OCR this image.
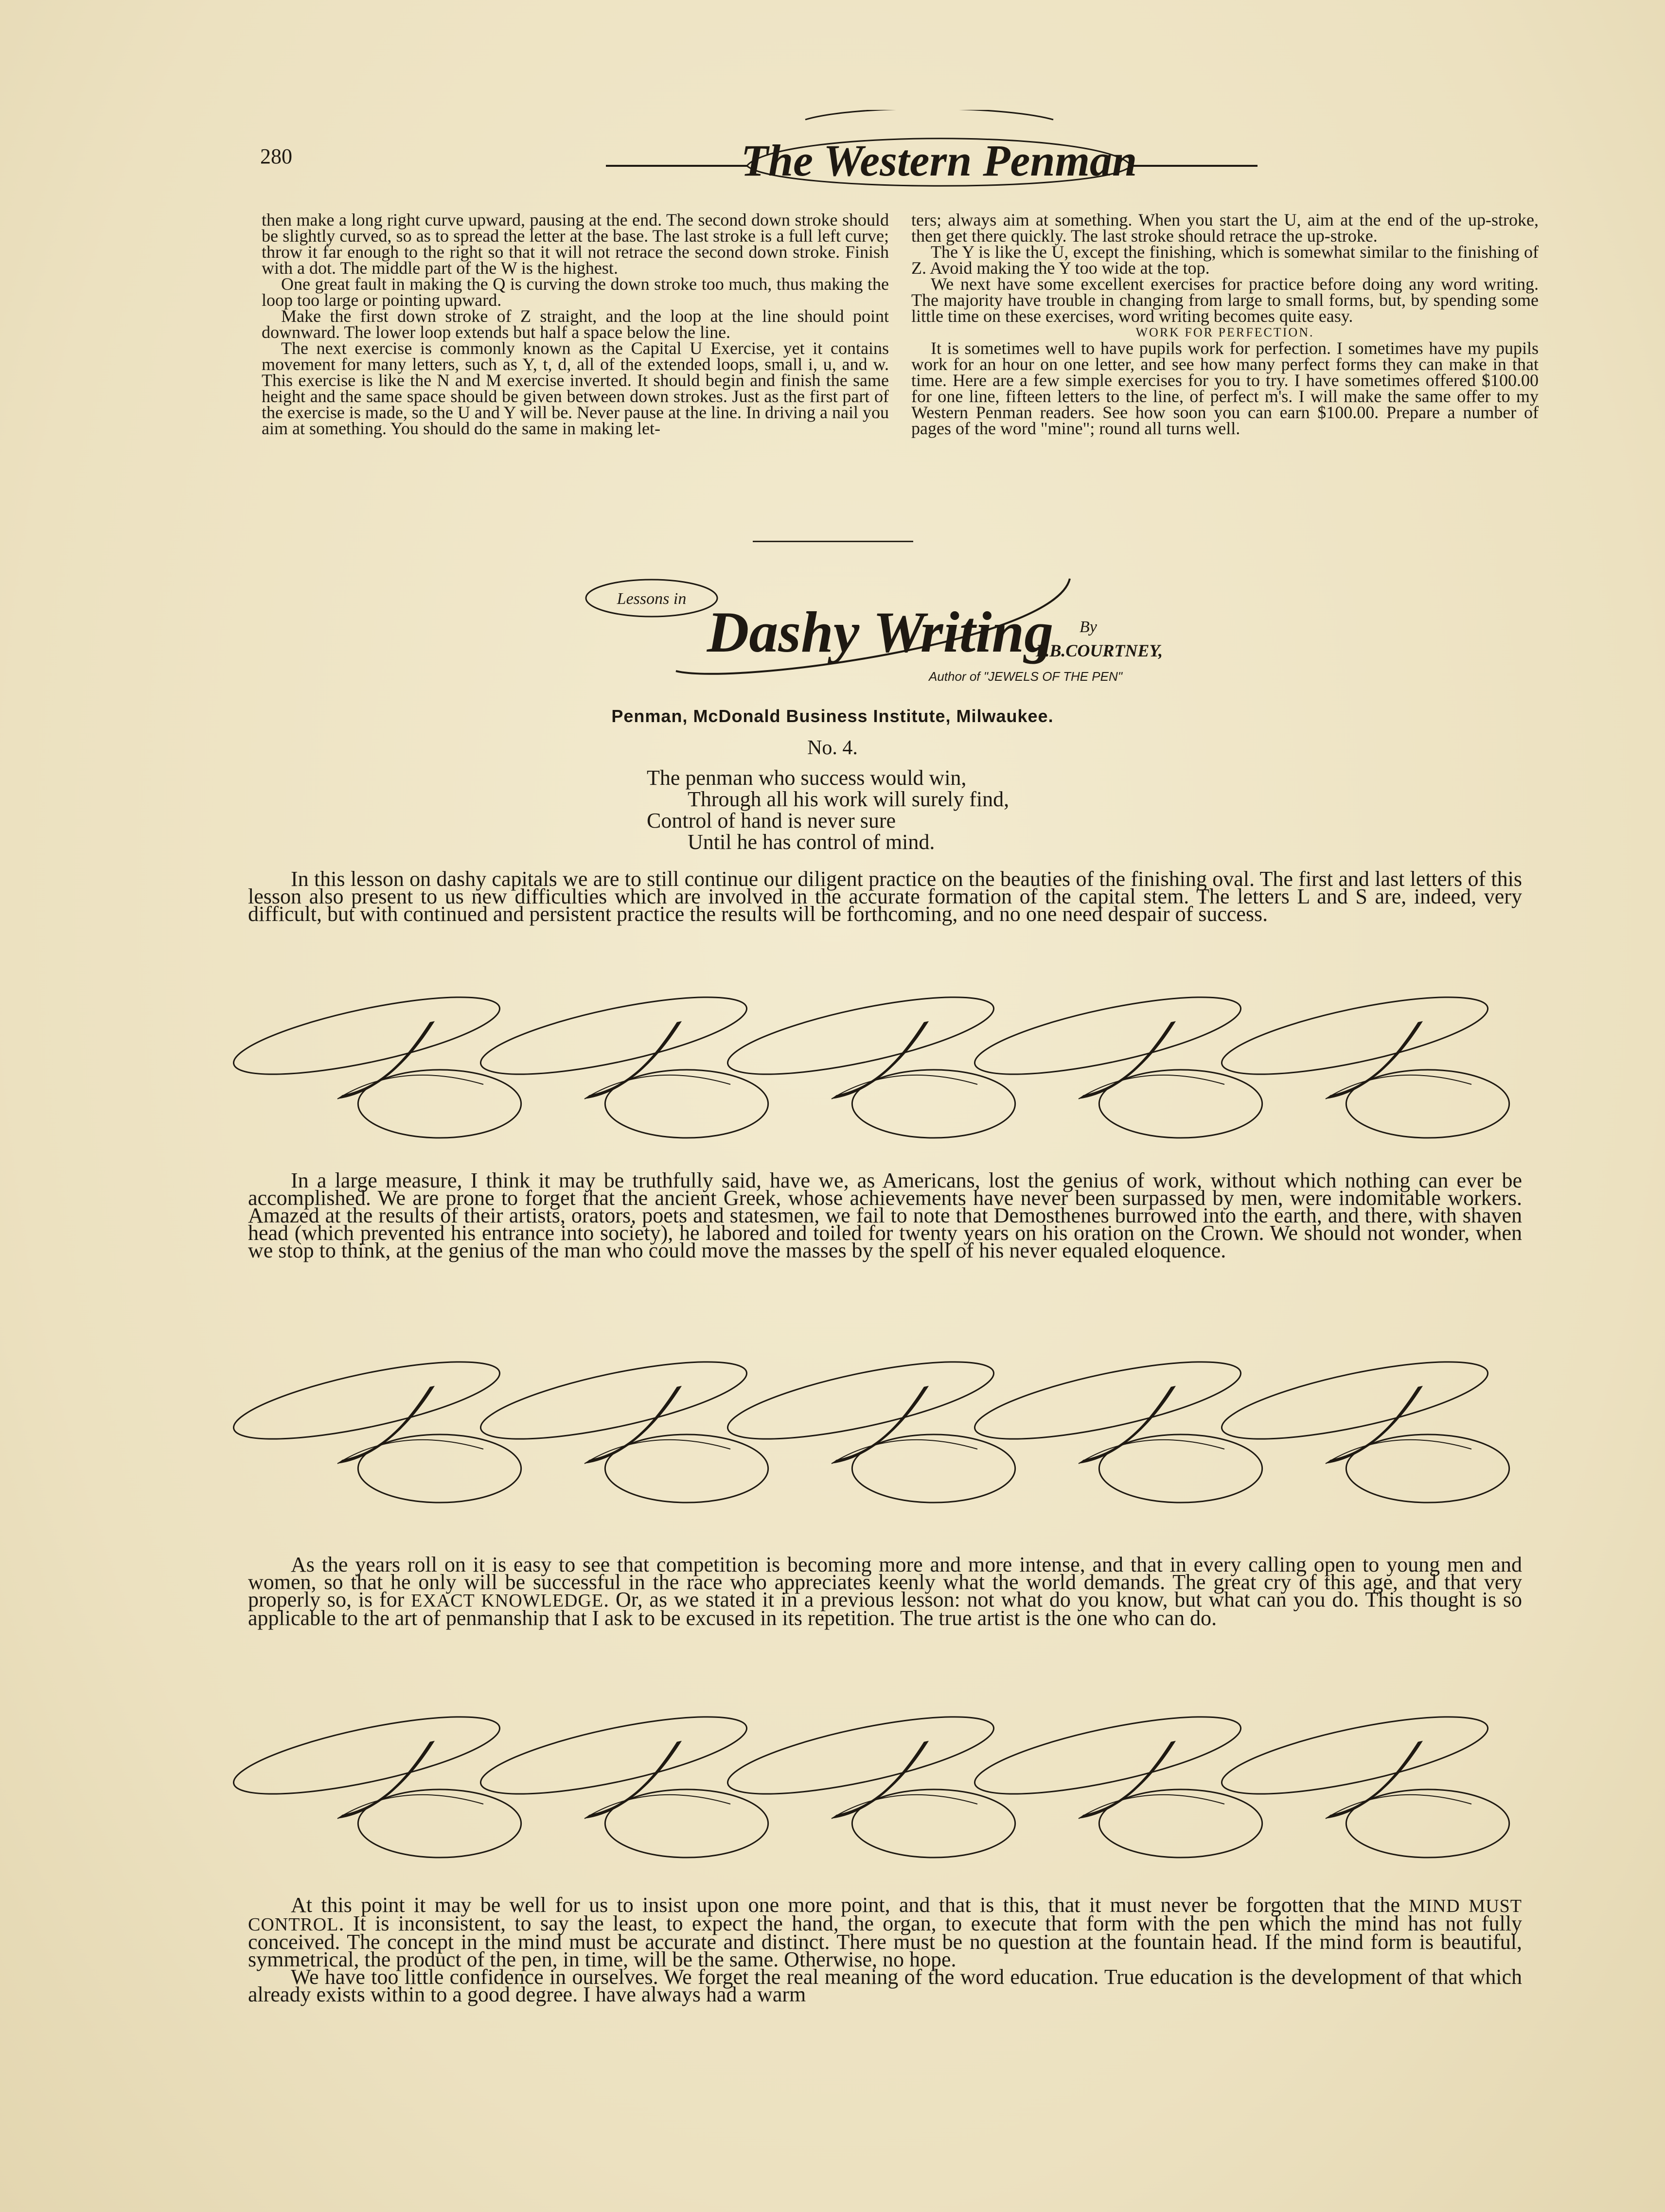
280	The Western Penman

then make a long right curve upward, pausing at the end. The second down stroke should be slightly curved, so as to spread the letter at the base. The last stroke is a full left curve; throw it far enough to the right so that it will not retrace the second down stroke. Finish with a dot. The middle part of the W is the highest.

One great fault in making the Q is curving the down stroke too much, thus making the loop too large or pointing upward.

Make the first down stroke of Z straight, and the loop at the line should point downward. The lower loop extends but half a space below the line.

The next exercise is commonly known as the Capital U Exercise, yet it contains movement for many letters, such as Y, t, d, all of the extended loops, small i, u, and w. This exercise is like the N and M exercise inverted. It should begin and finish the same height and the same space should be given between down strokes. Just as the first part of the exercise is made, so the U and Y will be. Never pause at the line. In driving a nail you aim at something. You should do the same in making let-

ters; always aim at something. When you start the U, aim at the end of the up-stroke, then get there quickly. The last stroke should retrace the up-stroke.

The Y is like the U, except the finishing, which is somewhat similar to the finishing of Z. Avoid making the Y too wide at the top.

We next have some excellent exercises for practice before doing any word writing. The majority have trouble in changing from large to small forms, but, by spending some little time on these exercises, word writing becomes quite easy.

WORK FOR PERFECTION.

It is sometimes well to have pupils work for perfection. I sometimes have my pupils work for an hour on one letter, and see how many perfect forms they can make in that time. Here are a few simple exercises for you to try. I have sometimes offered $100.00 for one line, fifteen letters to the line, of perfect m's. I will make the same offer to my Western Penman readers. See how soon you can earn $100.00. Prepare a number of pages of the word "mine"; round all turns well.

Lessons in
Dashy Writing By
F.B.COURTNEY,
Author of "JEWELS OF THE PEN"
Penman, McDonald Business Institute, Milwaukee.
No. 4.
The penman who success would win,
Through all his work will surely find,
Control of hand is never sure
Until he has control of mind.

In this lesson on dashy capitals we are to still continue our diligent practice on the beauties of the finishing oval. The first and last letters of this lesson also present to us new difficulties which are involved in the accurate formation of the capital stem. The letters L and S are, indeed, very difficult, but with continued and persistent practice the results will be forthcoming, and no one need despair of success.

In a large measure, I think it may be truthfully said, have we, as Americans, lost the genius of work, without which nothing can ever be accomplished. We are prone to forget that the ancient Greek, whose achievements have never been surpassed by men, were indomitable workers. Amazed at the results of their artists, orators, poets and statesmen, we fail to note that Demosthenes burrowed into the earth, and there, with shaven head (which prevented his entrance into society), he labored and toiled for twenty years on his oration on the Crown. We should not wonder, when we stop to think, at the genius of the man who could move the masses by the spell of his never equaled eloquence.

As the years roll on it is easy to see that competition is becoming more and more intense, and that in every calling open to young men and women, so that he only will be successful in the race who appreciates keenly what the world demands. The great cry of this age, and that very properly so, is for EXACT KNOWLEDGE. Or, as we stated it in a previous lesson: not what do you know, but what can you do. This thought is so applicable to the art of penmanship that I ask to be excused in its repetition. The true artist is the one who can do.

At this point it may be well for us to insist upon one more point, and that is this, that it must never be forgotten that the MIND MUST CONTROL. It is inconsistent, to say the least, to expect the hand, the organ, to execute that form with the pen which the mind has not fully conceived. The concept in the mind must be accurate and distinct. There must be no question at the fountain head. If the mind form is beautiful, symmetrical, the product of the pen, in time, will be the same. Otherwise, no hope.

We have too little confidence in ourselves. We forget the real meaning of the word education. True education is the development of that which already exists within to a good degree. I have always had a warm
